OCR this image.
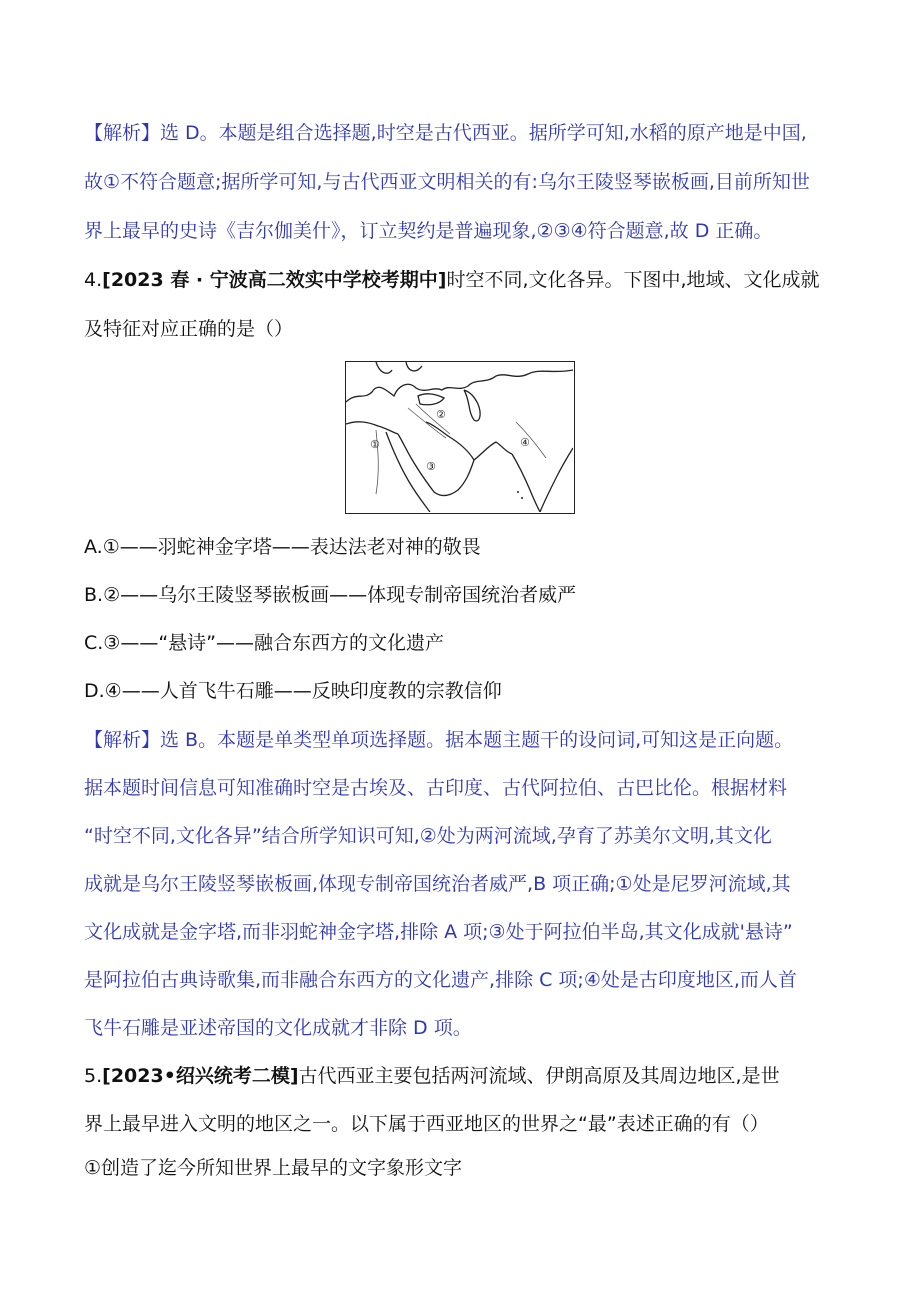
【解析】选 D。本题是组合选择题,时空是古代西亚。据所学可知,水稻的原产地是中国,
故①不符合题意;据所学可知,与古代西亚文明相关的有:乌尔王陵竖琴嵌板画,目前所知世
界上最早的史诗《吉尔伽美什》，订立契约是普遍现象,②③④符合题意,故 D 正确。
4.[2023 春 · 宁波高二效实中学校考期中]时空不同,文化各异。下图中,地域、文化成就
及特征对应正确的是（）
①
②
③
④
A.①——羽蛇神金字塔——表达法老对神的敬畏
B.②——乌尔王陵竖琴嵌板画——体现专制帝国统治者威严
C.③——“悬诗”——融合东西方的文化遗产
D.④——人首飞牛石雕——反映印度教的宗教信仰
【解析】选 B。本题是单类型单项选择题。据本题主题干的设问词,可知这是正向题。
据本题时间信息可知准确时空是古埃及、古印度、古代阿拉伯、古巴比伦。根据材料
“时空不同,文化各异”结合所学知识可知,②处为两河流域,孕育了苏美尔文明,其文化
成就是乌尔王陵竖琴嵌板画,体现专制帝国统治者威严,B 项正确;①处是尼罗河流域,其
文化成就是金字塔,而非羽蛇神金字塔,排除 A 项;③处于阿拉伯半岛,其文化成就'悬诗”
是阿拉伯古典诗歌集,而非融合东西方的文化遗产,排除 C 项;④处是古印度地区,而人首
飞牛石雕是亚述帝国的文化成就才非除 D 项。
5.[2023•绍兴统考二模]古代西亚主要包括两河流域、伊朗高原及其周边地区,是世
界上最早进入文明的地区之一。以下属于西亚地区的世界之“最”表述正确的有（）
①创造了迄今所知世界上最早的文字象形文字
